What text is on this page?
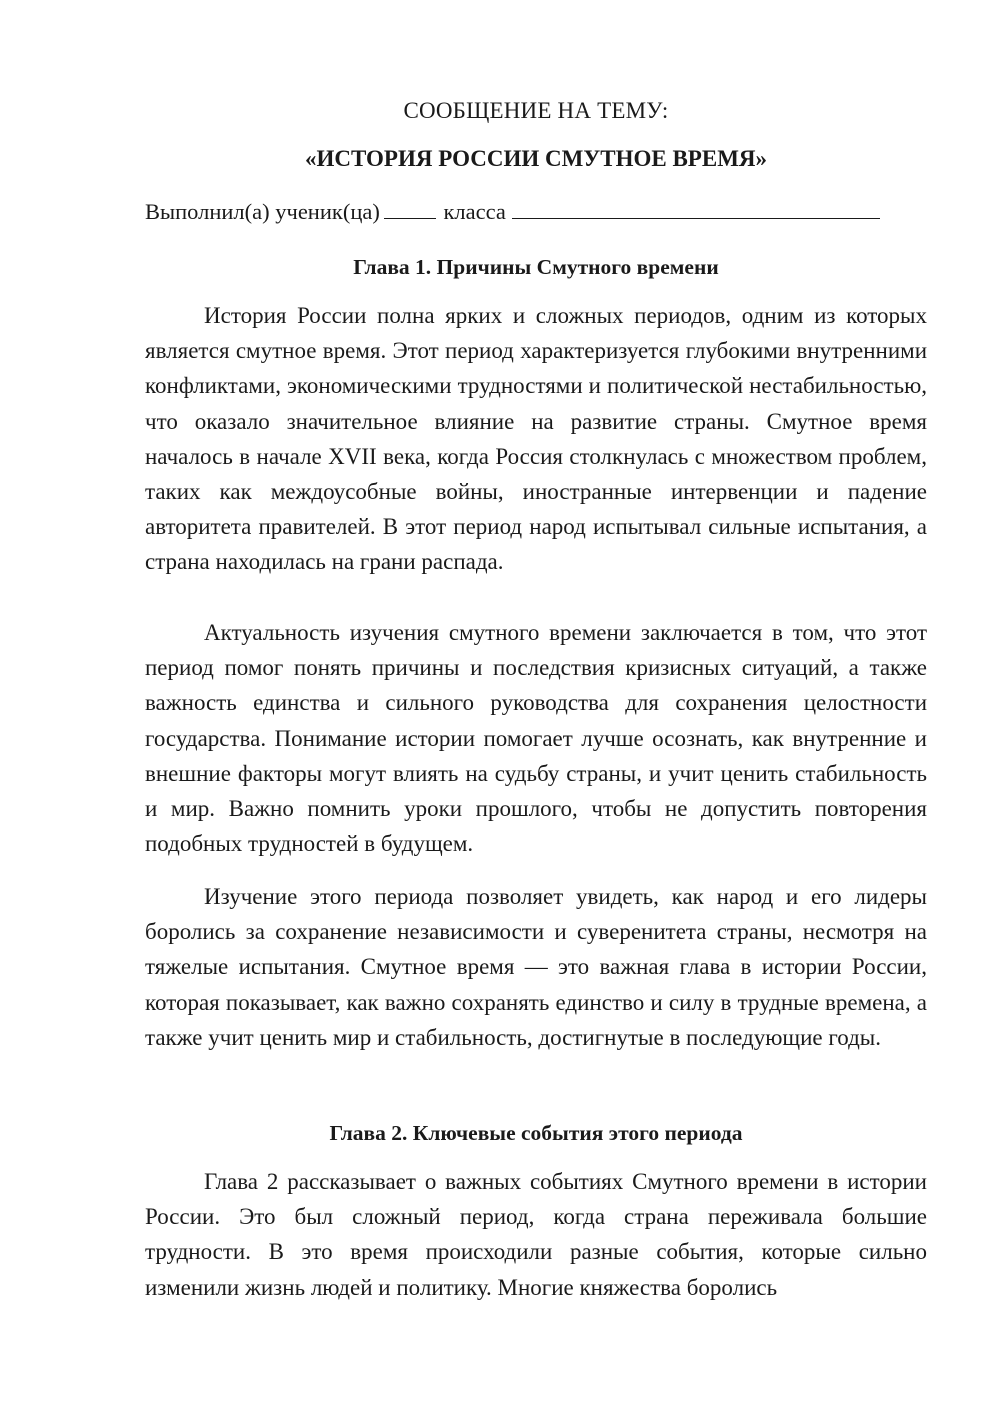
СООБЩЕНИЕ НА ТЕМУ:
«ИСТОРИЯ РОССИИ СМУТНОЕ ВРЕМЯ»
Выполнил(а) ученик(ца)	класса
Глава 1. Причины Смутного времени

История России полна ярких и сложных периодов, одним из которых является смутное время. Этот период характеризуется глубокими внутренними конфликтами, экономическими трудностями и политической нестабильностью, что оказало значительное влияние на развитие страны. Смутное время началось в начале XVII века, когда Россия столкнулась с множеством проблем, таких как междоусобные войны, иностранные интервенции и падение авторитета правителей. В этот период народ испытывал сильные испытания, а страна находилась на грани распада.

Актуальность изучения смутного времени заключается в том, что этот период помог понять причины и последствия кризисных ситуаций, а также важность единства и сильного руководства для сохранения целостности государства. Понимание истории помогает лучше осознать, как внутренние и внешние факторы могут влиять на судьбу страны, и учит ценить стабильность и мир. Важно помнить уроки прошлого, чтобы не допустить повторения подобных трудностей в будущем.

Изучение этого периода позволяет увидеть, как народ и его лидеры боролись за сохранение независимости и суверенитета страны, несмотря на тяжелые испытания. Смутное время — это важная глава в истории России, которая показывает, как важно сохранять единство и силу в трудные времена, а также учит ценить мир и стабильность, достигнутые в последующие годы.

Глава 2. Ключевые события этого периода

Глава 2 рассказывает о важных событиях Смутного времени в истории России. Это был сложный период, когда страна переживала большие трудности. В это время происходили разные события, которые сильно изменили жизнь людей и политику. Многие княжества боролись
